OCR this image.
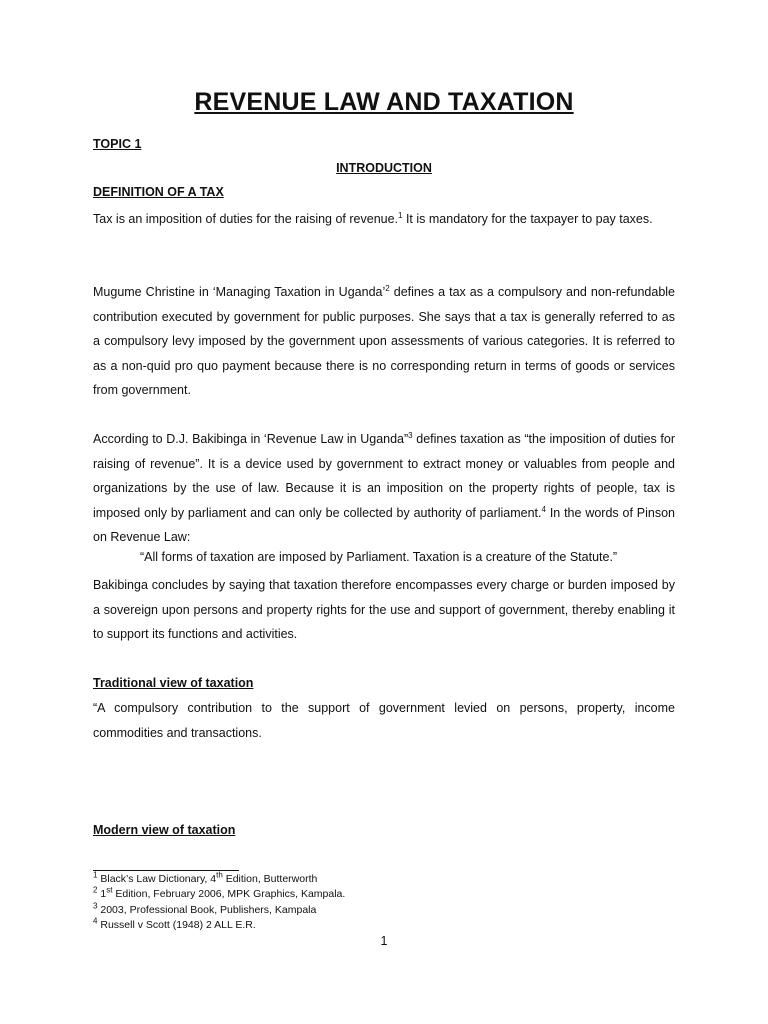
REVENUE LAW AND TAXATION
TOPIC 1
INTRODUCTION
DEFINITION OF A TAX
Tax is an imposition of duties for the raising of revenue.$^1$ It is mandatory for the taxpayer to pay taxes.
Mugume Christine in ‘Managing Taxation in Uganda’$^2$ defines a tax as a compulsory and non-refundable contribution executed by government for public purposes. She says that a tax is generally referred to as a compulsory levy imposed by the government upon assessments of various categories. It is referred to as a non-quid pro quo payment because there is no corresponding return in terms of goods or services from government.
According to D.J. Bakibinga in ‘Revenue Law in Uganda”$^3$ defines taxation as “the imposition of duties for raising of revenue”. It is a device used by government to extract money or valuables from people and organizations by the use of law. Because it is an imposition on the property rights of people, tax is imposed only by parliament and can only be collected by authority of parliament.$^4$ In the words of Pinson on Revenue Law:
“All forms of taxation are imposed by Parliament. Taxation is a creature of the Statute.”
Bakibinga concludes by saying that taxation therefore encompasses every charge or burden imposed by a sovereign upon persons and property rights for the use and support of government, thereby enabling it to support its functions and activities.
Traditional view of taxation
“A compulsory contribution to the support of government levied on persons, property, income commodities and transactions.
Modern view of taxation
$^1$ Black’s Law Dictionary, 4th Edition, Butterworth
$^2$ 1st Edition, February 2006, MPK Graphics, Kampala.
$^3$ 2003, Professional Book, Publishers, Kampala
$^4$ Russell v Scott (1948) 2 ALL E.R.
1
